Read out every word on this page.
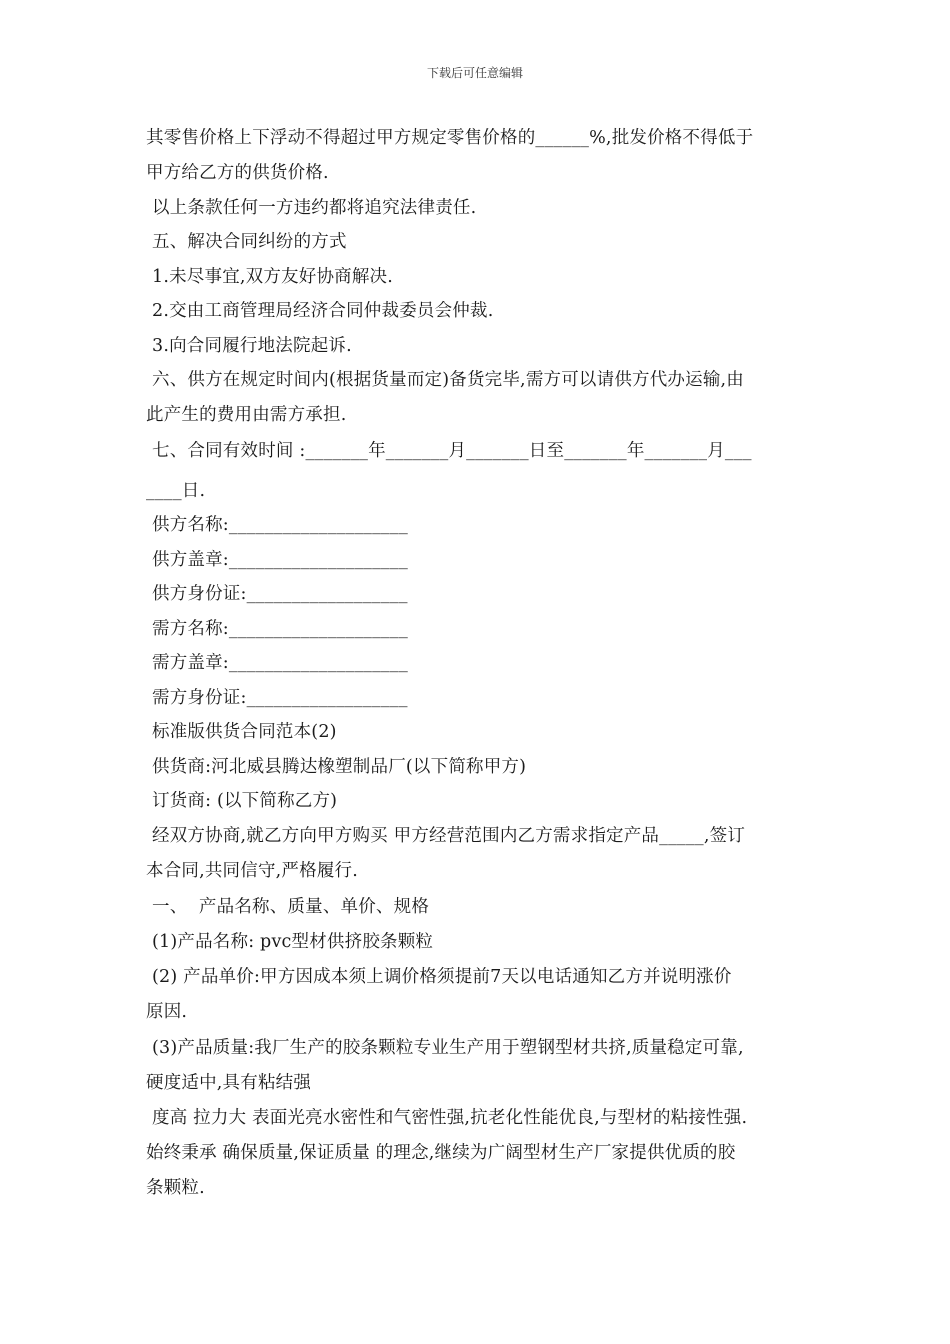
下载后可任意编辑
其零售价格上下浮动不得超过甲方规定零售价格的______%,批发价格不得低于
甲方给乙方的供货价格.
以上条款任何一方违约都将追究法律责任.
五、解决合同纠纷的方式
1.未尽事宜,双方友好协商解决.
2.交由工商管理局经济合同仲裁委员会仲裁.
3.向合同履行地法院起诉.
六、供方在规定时间内(根据货量而定)备货完毕,需方可以请供方代办运输,由
此产生的费用由需方承担.
七、合同有效时间 :_______年_______月_______日至_______年_______月___
____日.
供方名称:____________________
供方盖章:____________________
供方身份证:__________________
需方名称:____________________
需方盖章:____________________
需方身份证:__________________
标准版供货合同范本(2)
供货商:河北威县腾达橡塑制品厂(以下简称甲方)
订货商: (以下简称乙方)
经双方协商,就乙方向甲方购买 甲方经营范围内乙方需求指定产品_____,签订
本合同,共同信守,严格履行.
一、  产品名称、质量、单价、规格
(1)产品名称: pvc型材供挤胶条颗粒
(2) 产品单价:甲方因成本须上调价格须提前7天以电话通知乙方并说明涨价
原因.
(3)产品质量:我厂生产的胶条颗粒专业生产用于塑钢型材共挤,质量稳定可靠,
硬度适中,具有粘结强
度高 拉力大 表面光亮水密性和气密性强,抗老化性能优良,与型材的粘接性强.
始终秉承 确保质量,保证质量 的理念,继续为广阔型材生产厂家提供优质的胶
条颗粒.
